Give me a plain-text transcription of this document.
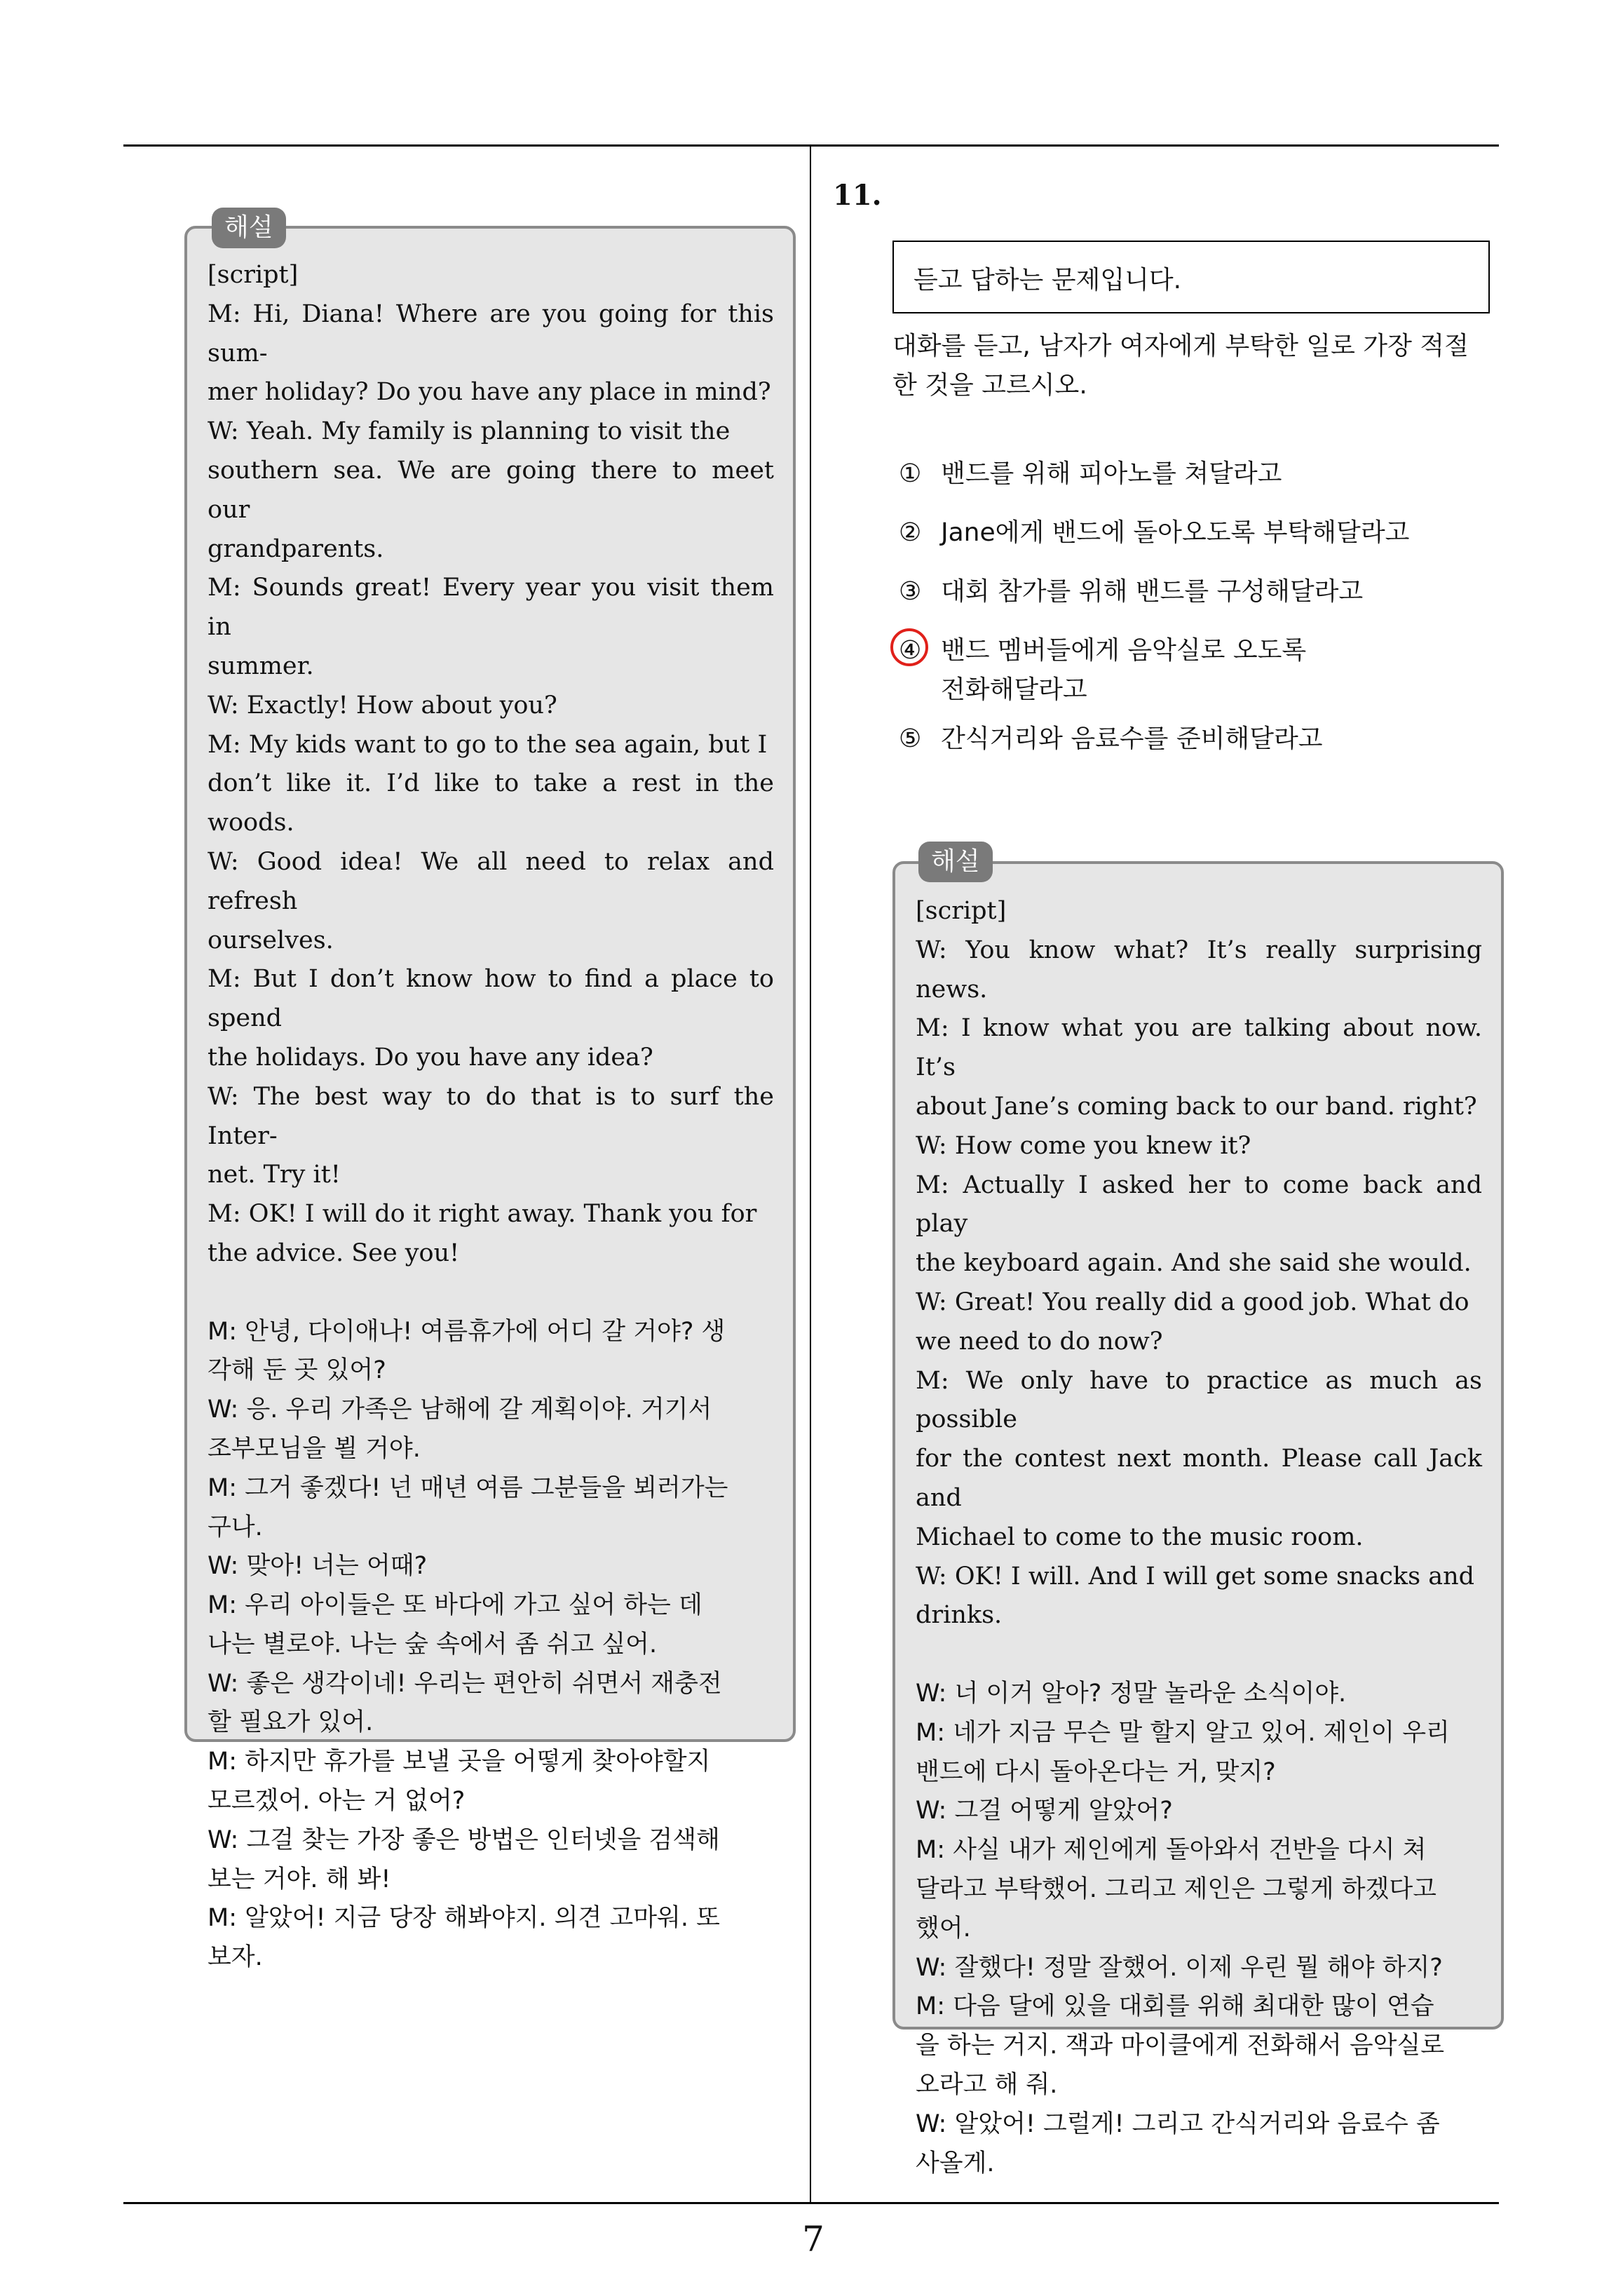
해설
[script]
M: Hi, Diana! Where are you going for this sum-
mer holiday? Do you have any place in mind?
W: Yeah. My family is planning to visit the
southern sea. We are going there to meet our
grandparents.
M: Sounds great! Every year you visit them in
summer.
W: Exactly! How about you?
M: My kids want to go to the sea again, but I
don’t like it. I’d like to take a rest in the woods.
W: Good idea! We all need to relax and refresh
ourselves.
M: But I don’t know how to find a place to spend
the holidays. Do you have any idea?
W: The best way to do that is to surf the Inter-
net. Try it!
M: OK! I will do it right away. Thank you for
the advice. See you!

M: 안녕, 다이애나! 여름휴가에 어디 갈 거야? 생
각해 둔 곳 있어?
W: 응. 우리 가족은 남해에 갈 계획이야. 거기서
조부모님을 뵐 거야.
M: 그거 좋겠다! 넌 매년 여름 그분들을 뵈러가는
구나.
W: 맞아! 너는 어때?
M: 우리 아이들은 또 바다에 가고 싶어 하는 데
나는 별로야. 나는 숲 속에서 좀 쉬고 싶어.
W: 좋은 생각이네! 우리는 편안히 쉬면서 재충전
할 필요가 있어.
M: 하지만 휴가를 보낼 곳을 어떻게 찾아야할지
모르겠어. 아는 거 없어?
W: 그걸 찾는 가장 좋은 방법은 인터넷을 검색해
보는 거야. 해 봐!
M: 알았어! 지금 당장 해봐야지. 의견 고마워. 또
보자.
11.
듣고 답하는 문제입니다.
대화를 듣고, 남자가 여자에게 부탁한 일로 가장 적절
한 것을 고르시오.
① 밴드를 위해 피아노를 쳐달라고
② Jane에게 밴드에 돌아오도록 부탁해달라고
③ 대회 참가를 위해 밴드를 구성해달라고
④ 밴드 멤버들에게 음악실로 오도록
전화해달라고
⑤ 간식거리와 음료수를 준비해달라고
해설
[script]
W: You know what? It’s really surprising news.
M: I know what you are talking about now. It’s
about Jane’s coming back to our band. right?
W: How come you knew it?
M: Actually I asked her to come back and play
the keyboard again. And she said she would.
W: Great! You really did a good job. What do
we need to do now?
M: We only have to practice as much as possible
for the contest next month. Please call Jack and
Michael to come to the music room.
W: OK! I will. And I will get some snacks and
drinks.

W: 너 이거 알아? 정말 놀라운 소식이야.
M: 네가 지금 무슨 말 할지 알고 있어. 제인이 우리
밴드에 다시 돌아온다는 거, 맞지?
W: 그걸 어떻게 알았어?
M: 사실 내가 제인에게 돌아와서 건반을 다시 쳐
달라고 부탁했어. 그리고 제인은 그렇게 하겠다고
했어.
W: 잘했다! 정말 잘했어. 이제 우린 뭘 해야 하지?
M: 다음 달에 있을 대회를 위해 최대한 많이 연습
을 하는 거지. 잭과 마이클에게 전화해서 음악실로
오라고 해 줘.
W: 알았어! 그럴게! 그리고 간식거리와 음료수 좀
사올게.
7
